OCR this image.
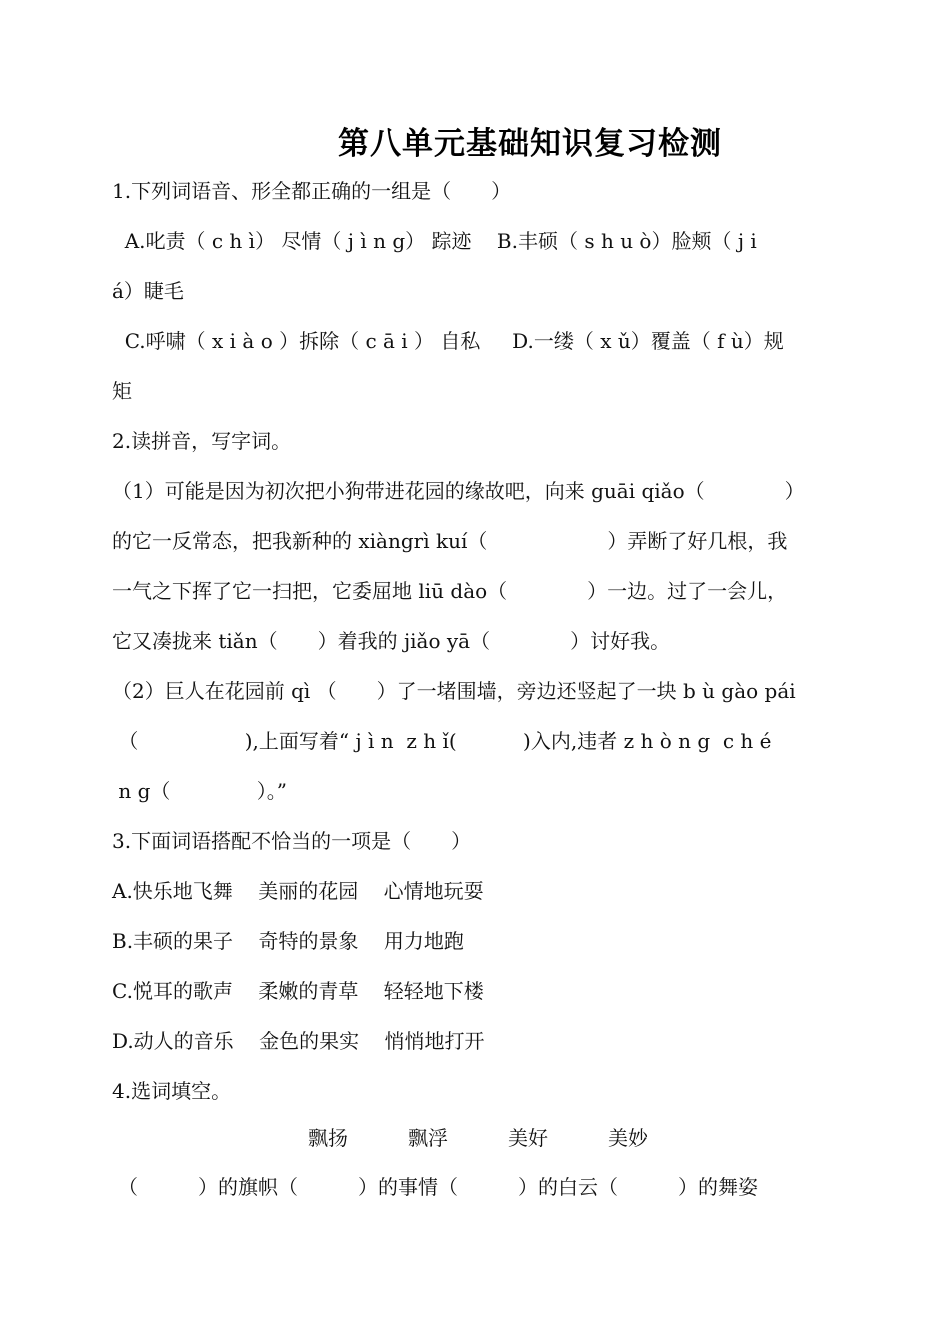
第八单元基础知识复习检测
1.下列词语音、形全都正确的一组是（　　）
A.叱责（ c h ì） 尽情（ j ì n g） 踪迹    B.丰硕（ s h u ò）脸颊（ j i
á）睫毛
C.呼啸（ x i à o ）拆除（ c ā i ） 自私     D.一缕（ x ǔ）覆盖（ f ù）规
矩
2.读拼音，写字词。
（1）可能是因为初次把小狗带进花园的缘故吧，向来 guāi qiǎo（　　　　）
的它一反常态，把我新种的 xiàngrì kuí（　　　　　　）弄断了好几根，我
一气之下挥了它一扫把，它委屈地 liū dào（　　　　）一边。过了一会儿，
它又凑拢来 tiǎn（　　）着我的 jiǎo yā（　　　　）讨好我。
（2）巨人在花园前 qì （　　）了一堵围墙，旁边还竖起了一块 b ù gào pái
（　　　　　 ),上面写着“ j ì n  z h ǐ(　　　 )入内,违者 z h ò n g  c h é
n g（　　　　 ）。”
3.下面词语搭配不恰当的一项是（　　）
A.快乐地飞舞    美丽的花园    心情地玩耍
B.丰硕的果子    奇特的景象    用力地跑
C.悦耳的歌声    柔嫩的青草    轻轻地下楼
D.动人的音乐    金色的果实    悄悄地打开
4.选词填空。
飘扬	飘浮	美好	美妙
（　　　）的旗帜（　　　）的事情（　　　）的白云（　　　）的舞姿
